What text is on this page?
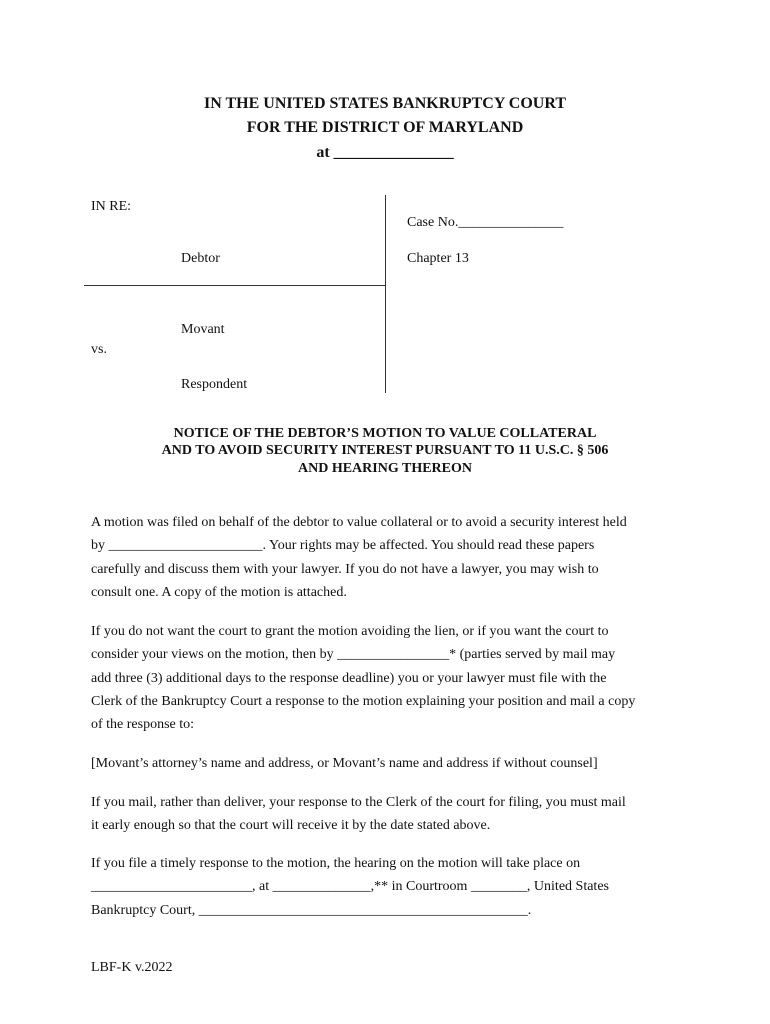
IN THE UNITED STATES BANKRUPTCY COURT
FOR THE DISTRICT OF MARYLAND
at _______________
IN RE:
Debtor
Movant
vs.
Respondent
Case No._______________
Chapter 13
NOTICE OF THE DEBTOR’S MOTION TO VALUE COLLATERAL
AND TO AVOID SECURITY INTEREST PURSUANT TO 11 U.S.C. § 506
AND HEARING THEREON

A motion was filed on behalf of the debtor to value collateral or to avoid a security interest held

by ______________________. Your rights may be affected. You should read these papers

carefully and discuss them with your lawyer. If you do not have a lawyer, you may wish to

consult one. A copy of the motion is attached.

If you do not want the court to grant the motion avoiding the lien, or if you want the court to

consider your views on the motion, then by ________________* (parties served by mail may

add three (3) additional days to the response deadline) you or your lawyer must file with the

Clerk of the Bankruptcy Court a response to the motion explaining your position and mail a copy

of the response to:

[Movant’s attorney’s name and address, or Movant’s name and address if without counsel]

If you mail, rather than deliver, your response to the Clerk of the court for filing, you must mail

it early enough so that the court will receive it by the date stated above.

If you file a timely response to the motion, the hearing on the motion will take place on

_______________________, at ______________,** in Courtroom ________, United States

Bankruptcy Court, _______________________________________________.

LBF-K v.2022
